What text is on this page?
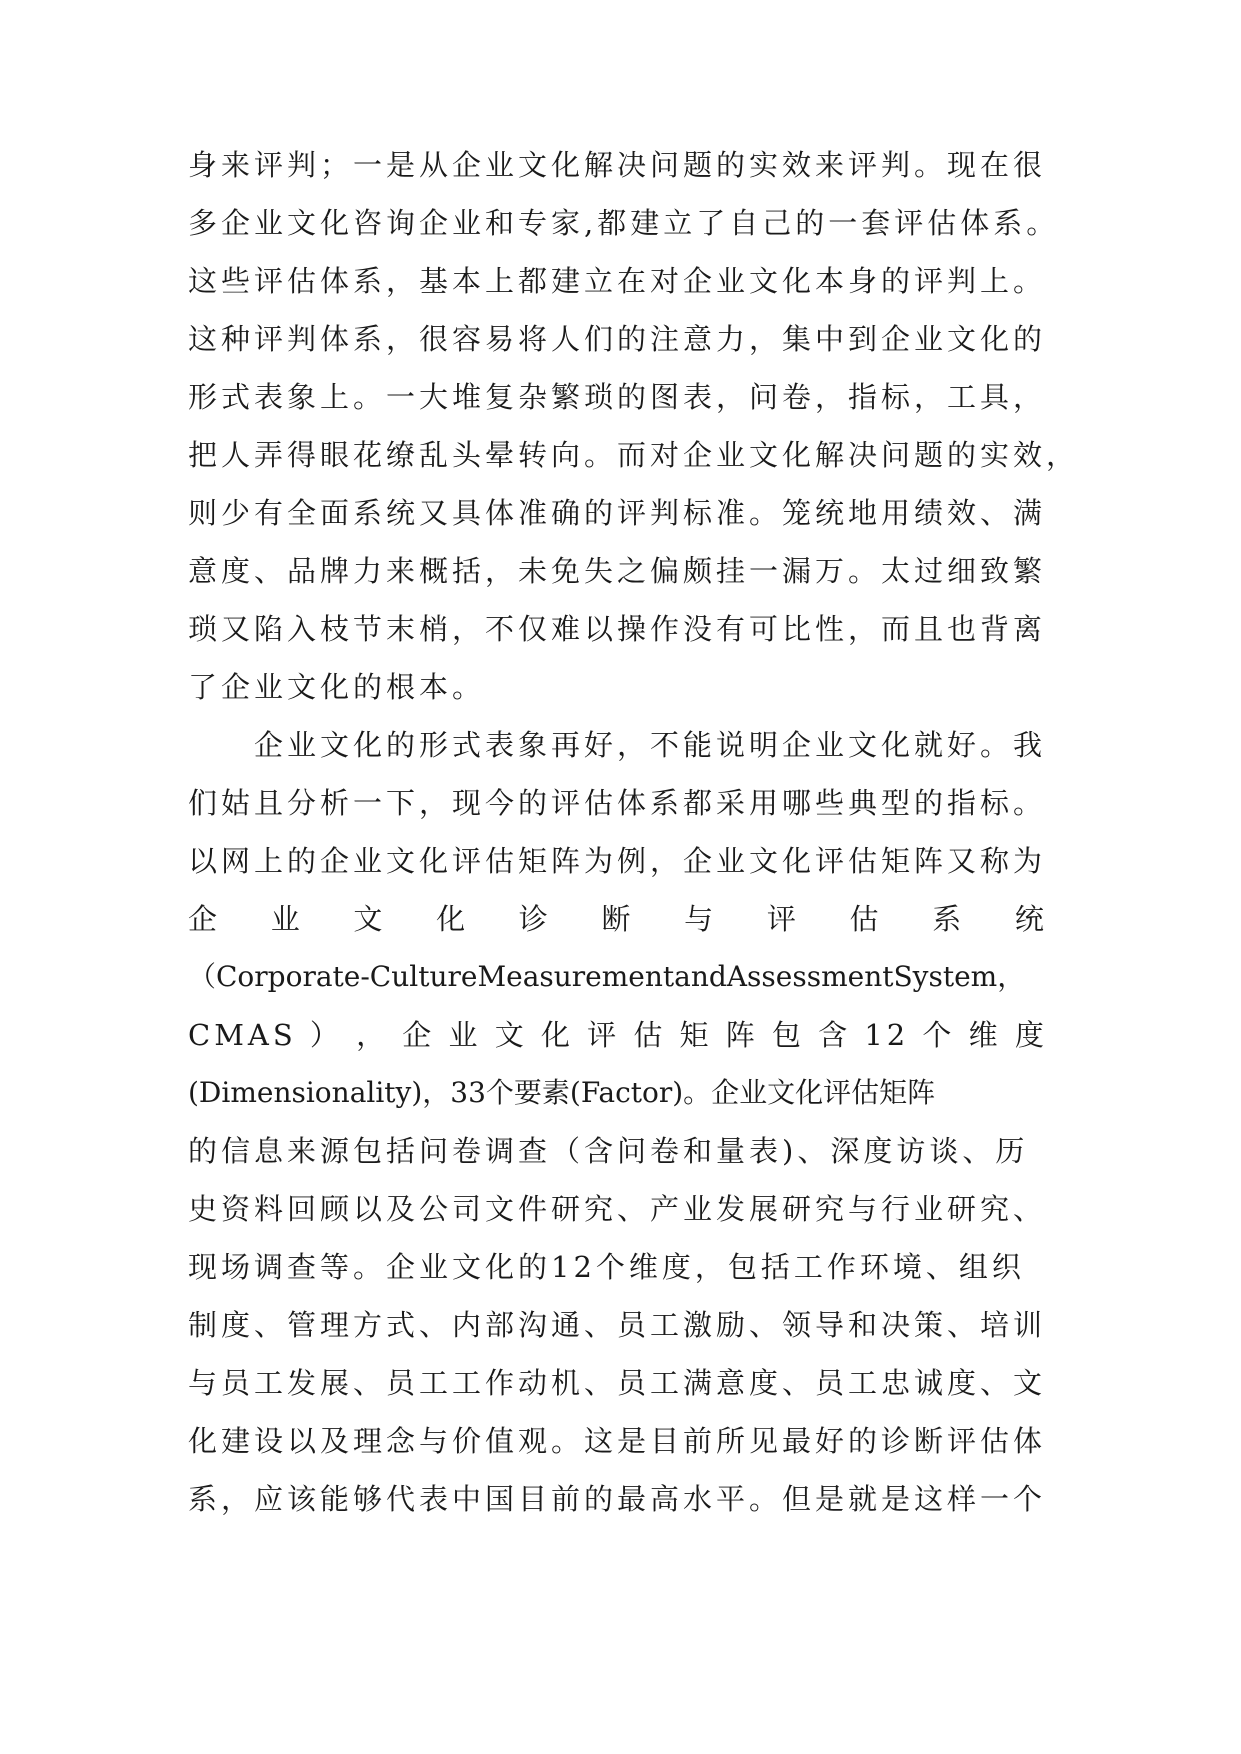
身来评判；一是从企业文化解决问题的实效来评判。现在很
多企业文化咨询企业和专家,都建立了自己的一套评估体系。
这些评估体系，基本上都建立在对企业文化本身的评判上。
这种评判体系，很容易将人们的注意力，集中到企业文化的
形式表象上。一大堆复杂繁琐的图表，问卷，指标，工具，
把人弄得眼花缭乱头晕转向。而对企业文化解决问题的实效，
则少有全面系统又具体准确的评判标准。笼统地用绩效、满
意度、品牌力来概括，未免失之偏颇挂一漏万。太过细致繁
琐又陷入枝节末梢，不仅难以操作没有可比性，而且也背离
了企业文化的根本。
企业文化的形式表象再好，不能说明企业文化就好。我
们姑且分析一下，现今的评估体系都采用哪些典型的指标。
以网上的企业文化评估矩阵为例，企业文化评估矩阵又称为
企 业 文 化 诊 断 与 评 估 系 统
（Corporate-CultureMeasurementandAssessmentSystem，
CMAS ） ， 企 业 文 化 评 估 矩 阵 包 含 12 个 维 度
(Dimensionality)，33个要素(Factor)。企业文化评估矩阵
的信息来源包括问卷调查（含问卷和量表)、深度访谈、历
史资料回顾以及公司文件研究、产业发展研究与行业研究、
现场调查等。企业文化的12个维度，包括工作环境、组织
制度、管理方式、内部沟通、员工激励、领导和决策、培训
与员工发展、员工工作动机、员工满意度、员工忠诚度、文
化建设以及理念与价值观。这是目前所见最好的诊断评估体
系，应该能够代表中国目前的最高水平。但是就是这样一个
